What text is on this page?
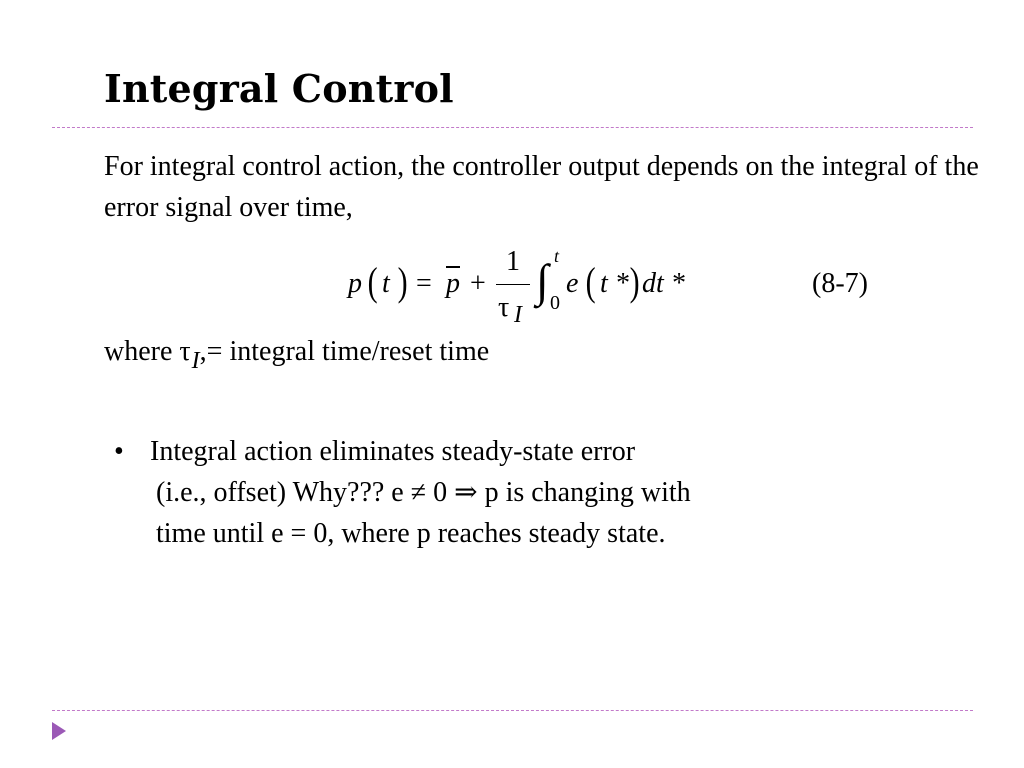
Integral Control
For integral control action, the controller output depends on the integral of the error signal over time,
p ( t ) = $\overline{p}$ +
1
τ I
∫ t
0
e ( t * ) dt *	(8-7)
where τI,= integral time/reset time
• Integral action eliminates steady-state error
(i.e., offset) Why??? e ≠ 0 ⇒ p is changing with
time until e = 0, where p reaches steady state.
